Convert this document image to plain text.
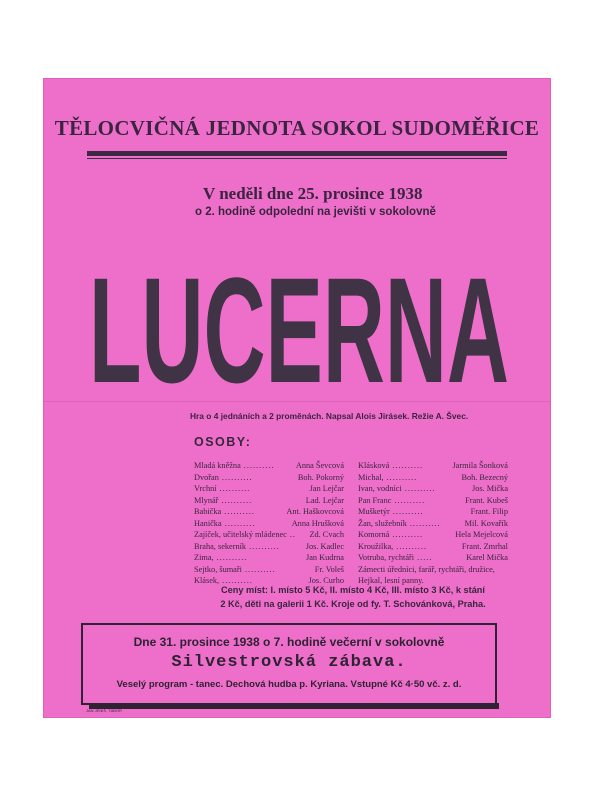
TĚLOCVIČNÁ JEDNOTA SOKOL SUDOMĚŘICE
V neděli dne 25. prosince 1938
o 2. hodině odpolední na jevišti v sokolovně
LUCERNA
Hra o 4 jednáních a 2 proměnách. Napsal Alois Jirásek. Režie A. Švec.
OSOBY:
Mladá kněžna ..........	Anna Ševcová
Dvořan ..........	Boh. Pokorný
Vrchní ..........	Jan Lejčar
Mlynář ..........	Lad. Lejčar
Babička ..........	Ant. Haškovcová
Hanička ..........	Anna Hrušková
Zajíček, učitelský mládenec ..	Zd. Cvach
Braha, sekerník ..........	Jos. Kadlec
Zima, ..........	Jan Kudrna
Sejtko, šumaři ..........	Fr. Voleš
Klásek, ..........	Jos. Curho
Klásková ..........	Jarmila Šonková
Michal, ..........	Boh. Bezecný
Ivan, vodníci ..........	Jos. Mička
Pan Franc ..........	Frant. Kubeš
Mušketýr ..........	Frant. Filip
Žan, služebník ..........	Mil. Kovařík
Komorná ..........	Hela Mejelcová
Kroužilka, ..........	Frant. Zmrhal
Votruba, rychtáři .....	Karel Mička
Zámecti úředníci, farář, rychtáři, družice,
Hejkal, lesní panny.
Ceny míst: I. místo 5 Kč, II. místo 4 Kč, III. místo 3 Kč, k stání
2 Kč, děti na galerii 1 Kč. Kroje od fy. T. Schovánková, Praha.
Dne 31. prosince 1938 o 7. hodině večerní v sokolovně
Silvestrovská zábava.
Veselý program - tanec. Dechová hudba p. Kyriana. Vstupné Kč 4·50 vč. z. d.
JAN JENIŠ, TÁBOR
